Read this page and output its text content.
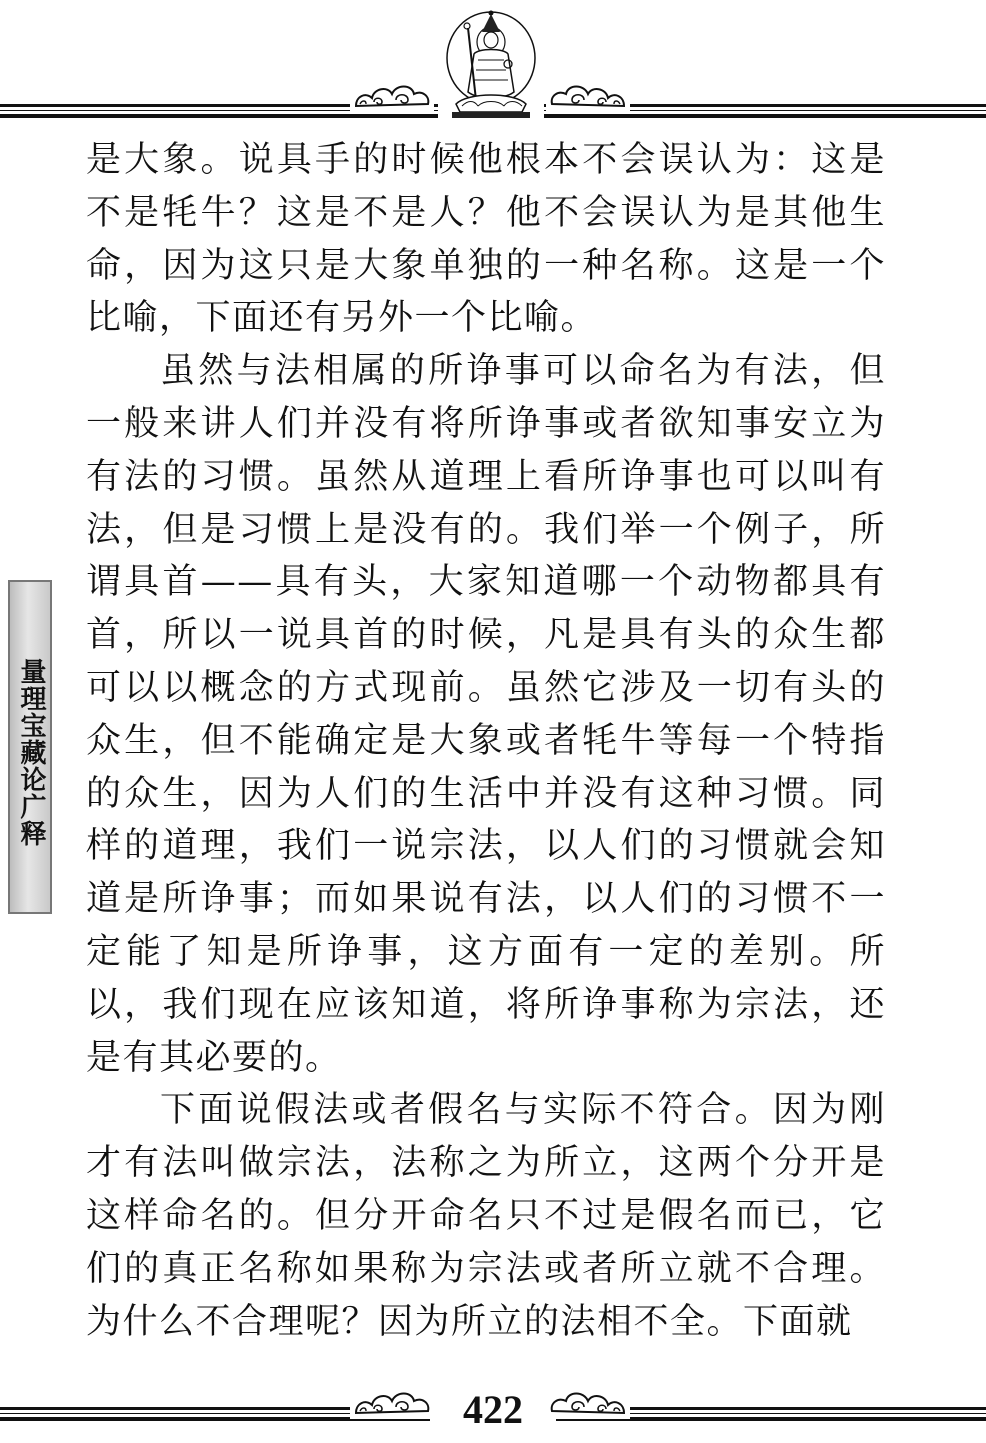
量理宝藏论广释

是大象。说具手的时候他根本不会误认为：这是不是牦牛？这是不是人？他不会误认为是其他生命，因为这只是大象单独的一种名称。这是一个比喻，下面还有另外一个比喻。

虽然与法相属的所诤事可以命名为有法，但一般来讲人们并没有将所诤事或者欲知事安立为有法的习惯。虽然从道理上看所诤事也可以叫有法，但是习惯上是没有的。我们举一个例子，所谓具首——具有头，大家知道哪一个动物都具有首，所以一说具首的时候，凡是具有头的众生都可以以概念的方式现前。虽然它涉及一切有头的众生，但不能确定是大象或者牦牛等每一个特指的众生，因为人们的生活中并没有这种习惯。同样的道理，我们一说宗法，以人们的习惯就会知道是所诤事；而如果说有法，以人们的习惯不一定能了知是所诤事，这方面有一定的差别。所以，我们现在应该知道，将所诤事称为宗法，还是有其必要的。

下面说假法或者假名与实际不符合。因为刚才有法叫做宗法，法称之为所立，这两个分开是这样命名的。但分开命名只不过是假名而已，它们的真正名称如果称为宗法或者所立就不合理。为什么不合理呢？因为所立的法相不全。下面就

422
